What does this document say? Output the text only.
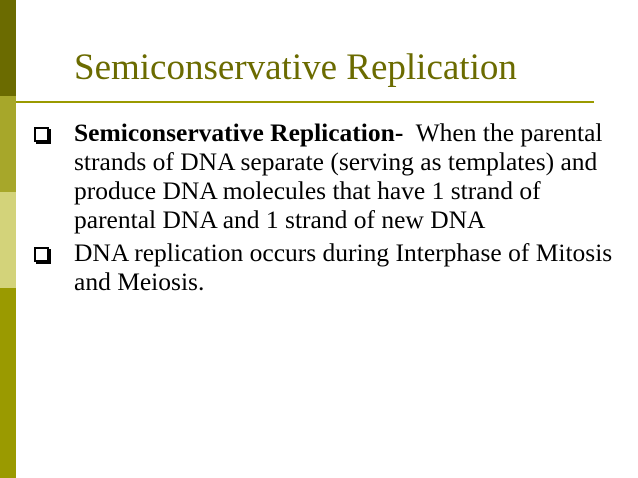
Semiconservative Replication
Semiconservative Replication-  When the parental strands of DNA separate (serving as templates) and produce DNA molecules that have 1 strand of parental DNA and 1 strand of new DNA
DNA replication occurs during Interphase of Mitosis and Meiosis.
